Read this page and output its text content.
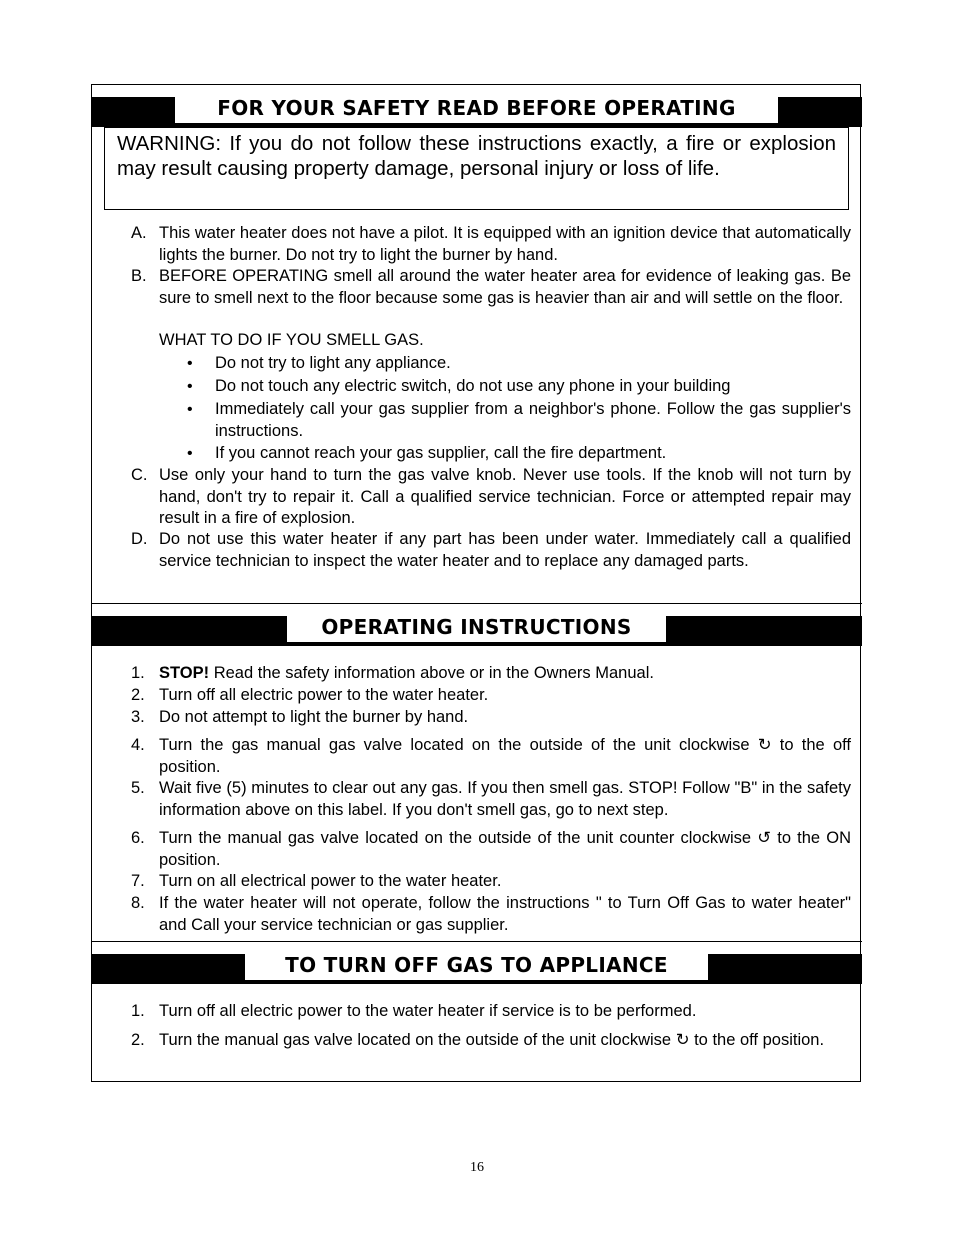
FOR YOUR SAFETY READ BEFORE OPERATING
WARNING: If you do not follow these instructions exactly, a fire or explosion may result causing property damage, personal injury or loss of life.
A. This water heater does not have a pilot. It is equipped with an ignition device that automatically lights the burner. Do not try to light the burner by hand.
B. BEFORE OPERATING smell all around the water heater area for evidence of leaking gas. Be sure to smell next to the floor because some gas is heavier than air and will settle on the floor.
WHAT TO DO IF YOU SMELL GAS.
• Do not try to light any appliance.
• Do not touch any electric switch, do not use any phone in your building
• Immediately call your gas supplier from a neighbor's phone. Follow the gas supplier's instructions.
• If you cannot reach your gas supplier, call the fire department.
C. Use only your hand to turn the gas valve knob. Never use tools. If the knob will not turn by hand, don't try to repair it. Call a qualified service technician. Force or attempted repair may result in a fire of explosion.
D. Do not use this water heater if any part has been under water. Immediately call a qualified service technician to inspect the water heater and to replace any damaged parts.
OPERATING INSTRUCTIONS
1. STOP! Read the safety information above or in the Owners Manual.
2. Turn off all electric power to the water heater.
3. Do not attempt to light the burner by hand.
4. Turn the gas manual gas valve located on the outside of the unit clockwise ↻ to the off position.
5. Wait five (5) minutes to clear out any gas. If you then smell gas. STOP! Follow "B" in the safety information above on this label. If you don't smell gas, go to next step.
6. Turn the manual gas valve located on the outside of the unit counter clockwise ↺ to the ON position.
7. Turn on all electrical power to the water heater.
8. If the water heater will not operate, follow the instructions " to Turn Off Gas to water heater" and Call your service technician or gas supplier.
TO TURN OFF GAS TO APPLIANCE
1. Turn off all electric power to the water heater if service is to be performed.
2. Turn the manual gas valve located on the outside of the unit clockwise ↻ to the off position.
16
